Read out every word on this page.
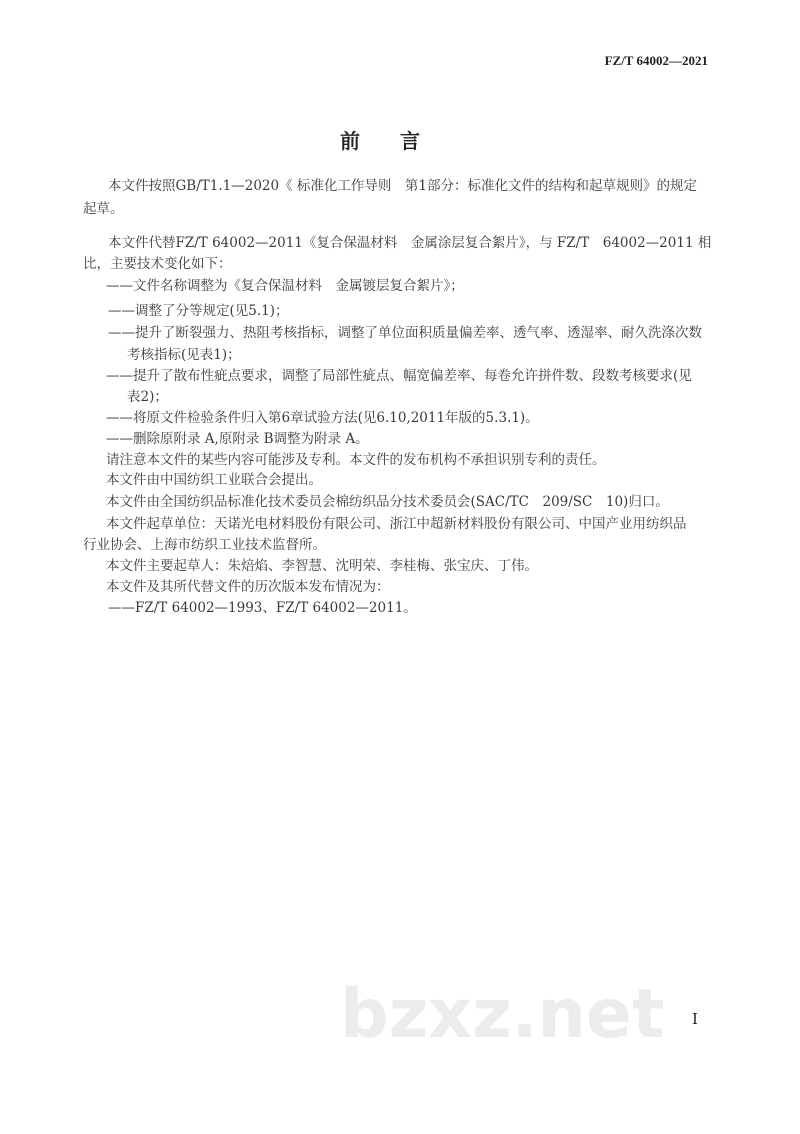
FZ/T 64002—2021
前言
本文件按照GB/T1.1—2020《 标准化工作导则　第1部分：标准化文件的结构和起草规则》的规定
起草。
本文件代替FZ/T 64002—2011《复合保温材料　金属涂层复合絮片》，与 FZ/T　64002—2011 相
比，主要技术变化如下：
——文件名称调整为《复合保温材料　金属镀层复合絮片》；
——调整了分等规定(见5.1)；
——提升了断裂强力、热阻考核指标，调整了单位面积质量偏差率、透气率、透湿率、耐久洗涤次数
考核指标(见表1)；
——提升了散布性疵点要求，调整了局部性疵点、幅宽偏差率、每卷允许拼件数、段数考核要求(见
表2)；
——将原文件检验条件归入第6章试验方法(见6.10,2011年版的5.3.1)。
——删除原附录 A,原附录 B调整为附录 A。
请注意本文件的某些内容可能涉及专利。本文件的发布机构不承担识别专利的责任。
本文件由中国纺织工业联合会提出。
本文件由全国纺织品标准化技术委员会棉纺织品分技术委员会(SAC/TC　209/SC　10)归口。
本文件起草单位：天诺光电材料股份有限公司、浙江中超新材料股份有限公司、中国产业用纺织品
行业协会、上海市纺织工业技术监督所。
本文件主要起草人：朱焙焰、李智慧、沈明荣、李桂梅、张宝庆、丁伟。
本文件及其所代替文件的历次版本发布情况为：
——FZ/T 64002—1993、FZ/T 64002—2011。
bzxz.net I
